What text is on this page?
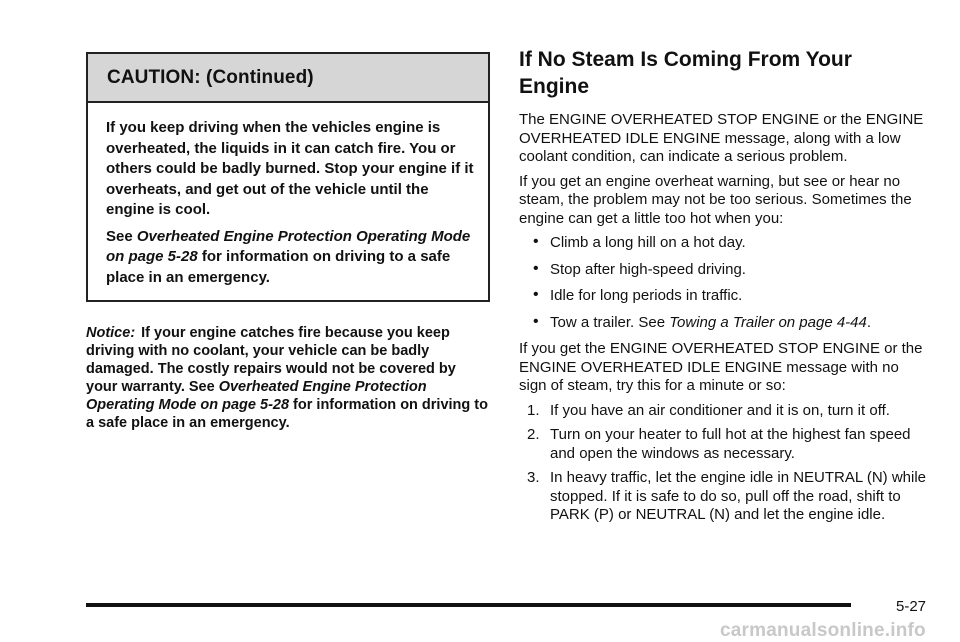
CAUTION: (Continued)

If you keep driving when the vehicles engine is overheated, the liquids in it can catch fire. You or others could be badly burned. Stop your engine if it overheats, and get out of the vehicle until the engine is cool.

See Overheated Engine Protection Operating Mode on page 5-28 for information on driving to a safe place in an emergency.

Notice: If your engine catches fire because you keep driving with no coolant, your vehicle can be badly damaged. The costly repairs would not be covered by your warranty. See Overheated Engine Protection Operating Mode on page 5-28 for information on driving to a safe place in an emergency.
If No Steam Is Coming From Your Engine

The ENGINE OVERHEATED STOP ENGINE or the ENGINE OVERHEATED IDLE ENGINE message, along with a low coolant condition, can indicate a serious problem.

If you get an engine overheat warning, but see or hear no steam, the problem may not be too serious. Sometimes the engine can get a little too hot when you:

• Climb a long hill on a hot day.
• Stop after high-speed driving.
• Idle for long periods in traffic.
• Tow a trailer. See Towing a Trailer on page 4-44.

If you get the ENGINE OVERHEATED STOP ENGINE or the ENGINE OVERHEATED IDLE ENGINE message with no sign of steam, try this for a minute or so:

1. If you have an air conditioner and it is on, turn it off.
2. Turn on your heater to full hot at the highest fan speed and open the windows as necessary.
3. In heavy traffic, let the engine idle in NEUTRAL (N) while stopped. If it is safe to do so, pull off the road, shift to PARK (P) or NEUTRAL (N) and let the engine idle.
5-27
carmanualsonline.info
